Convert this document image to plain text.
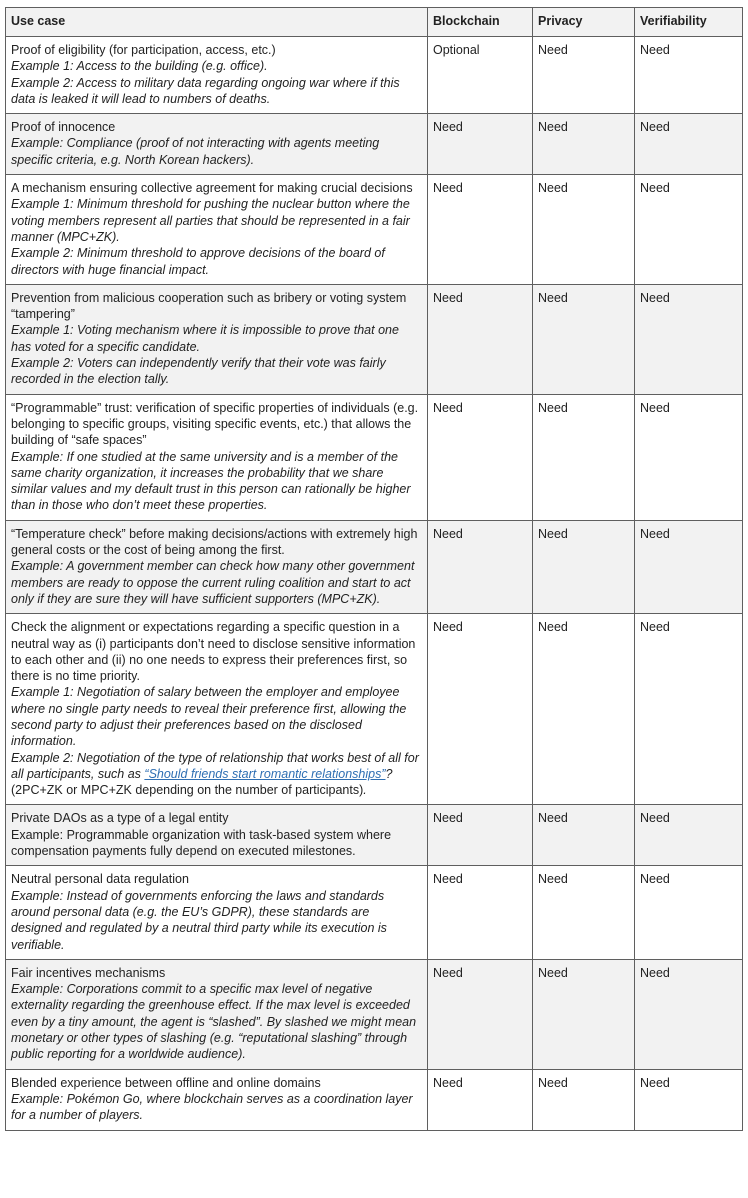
Use case	Blockchain	Privacy	Verifiability

Proof of eligibility (for participation, access, etc.)
Example 1: Access to the building (e.g. office).
Example 2: Access to military data regarding ongoing war where if this data is leaked it will lead to numbers of deaths.	Optional	Need	Need

Proof of innocence
Example: Compliance (proof of not interacting with agents meeting specific criteria, e.g. North Korean hackers).	Need	Need	Need

A mechanism ensuring collective agreement for making crucial decisions
Example 1: Minimum threshold for pushing the nuclear button where the voting members represent all parties that should be represented in a fair manner (MPC+ZK).
Example 2: Minimum threshold to approve decisions of the board of directors with huge financial impact.	Need	Need	Need

Prevention from malicious cooperation such as bribery or voting system “tampering”
Example 1: Voting mechanism where it is impossible to prove that one has voted for a specific candidate.
Example 2: Voters can independently verify that their vote was fairly recorded in the election tally.	Need	Need	Need

“Programmable” trust: verification of specific properties of individuals (e.g. belonging to specific groups, visiting specific events, etc.) that allows the building of “safe spaces”
Example: If one studied at the same university and is a member of the same charity organization, it increases the probability that we share similar values and my default trust in this person can rationally be higher than in those who don’t meet these properties.	Need	Need	Need

“Temperature check” before making decisions/actions with extremely high general costs or the cost of being among the first.
Example: A government member can check how many other government members are ready to oppose the current ruling coalition and start to act only if they are sure they will have sufficient supporters (MPC+ZK).	Need	Need	Need

Check the alignment or expectations regarding a specific question in a neutral way as (i) participants don’t need to disclose sensitive information to each other and (ii) no one needs to express their preferences first, so there is no time priority.
Example 1: Negotiation of salary between the employer and employee where no single party needs to reveal their preference first, allowing the second party to adjust their preferences based on the disclosed information.
Example 2: Negotiation of the type of relationship that works best of all for all participants, such as “Should friends start romantic relationships”? (2PC+ZK or MPC+ZK depending on the number of participants).	Need	Need	Need

Private DAOs as a type of a legal entity
Example: Programmable organization with task-based system where compensation payments fully depend on executed milestones.	Need	Need	Need

Neutral personal data regulation
Example: Instead of governments enforcing the laws and standards around personal data (e.g. the EU’s GDPR), these standards are designed and regulated by a neutral third party while its execution is verifiable.	Need	Need	Need

Fair incentives mechanisms
Example: Corporations commit to a specific max level of negative externality regarding the greenhouse effect. If the max level is exceeded even by a tiny amount, the agent is “slashed”. By slashed we might mean monetary or other types of slashing (e.g. “reputational slashing” through public reporting for a worldwide audience).	Need	Need	Need

Blended experience between offline and online domains
Example: Pokémon Go, where blockchain serves as a coordination layer for a number of players.	Need	Need	Need
